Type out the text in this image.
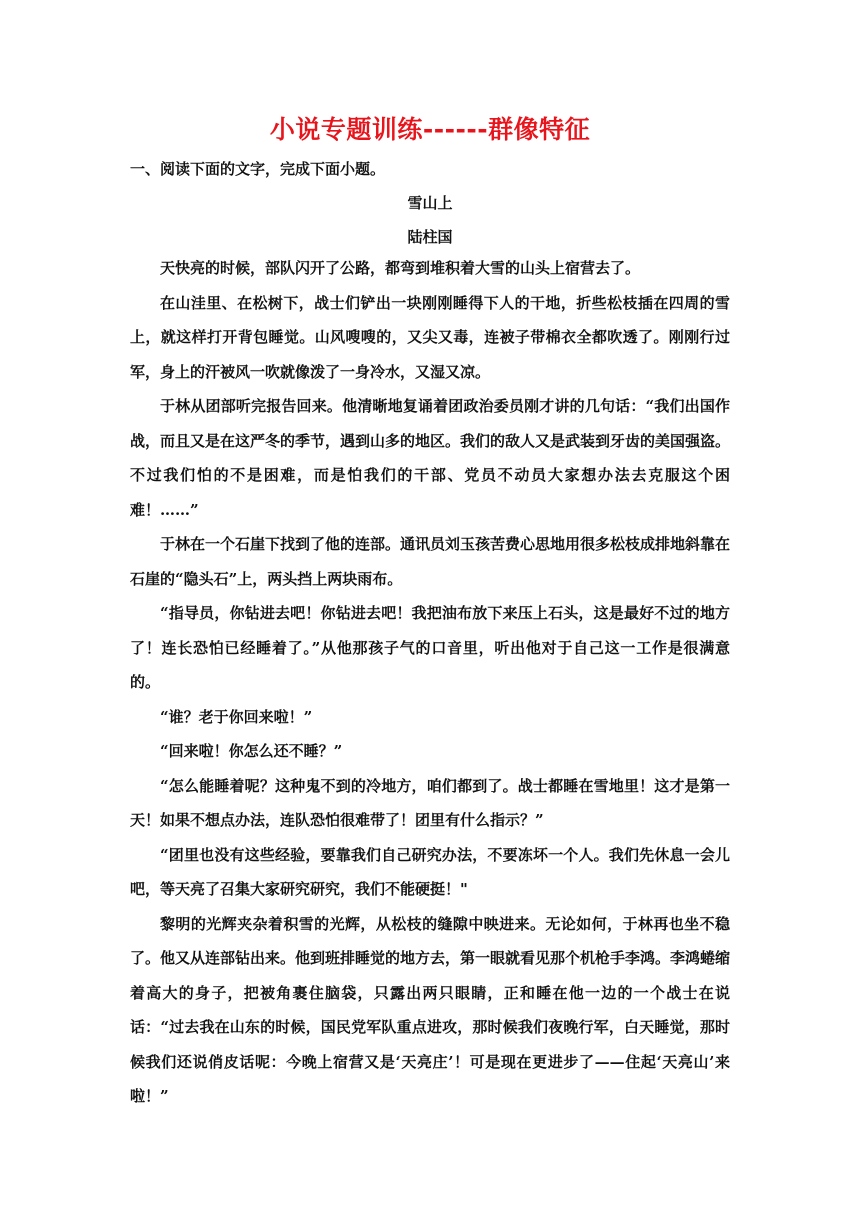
小说专题训练------群像特征
一、阅读下面的文字，完成下面小题。
雪山上
陆柱国

天快亮的时候，部队闪开了公路，都弯到堆积着大雪的山头上宿营去了。

在山洼里、在松树下，战士们铲出一块刚刚睡得下人的干地，折些松枝插在四周的雪上，就这样打开背包睡觉。山风嗖嗖的，又尖又毒，连被子带棉衣全都吹透了。刚刚行过军，身上的汗被风一吹就像泼了一身冷水，又湿又凉。

于林从团部听完报告回来。他清晰地复诵着团政治委员刚才讲的几句话：“我们出国作战，而且又是在这严冬的季节，遇到山多的地区。我们的敌人又是武装到牙齿的美国强盗。不过我们怕的不是困难，而是怕我们的干部、党员不动员大家想办法去克服这个困难！……”

于林在一个石崖下找到了他的连部。通讯员刘玉孩苦费心思地用很多松枝成排地斜靠在石崖的“隐头石”上，两头挡上两块雨布。

“指导员，你钻进去吧！你钻进去吧！我把油布放下来压上石头，这是最好不过的地方了！连长恐怕已经睡着了。”从他那孩子气的口音里，听出他对于自己这一工作是很满意的。

“谁？老于你回来啦！”

“回来啦！你怎么还不睡？”

“怎么能睡着呢？这种鬼不到的冷地方，咱们都到了。战士都睡在雪地里！这才是第一天！如果不想点办法，连队恐怕很难带了！团里有什么指示？”

“团里也没有这些经验，要靠我们自己研究办法，不要冻坏一个人。我们先休息一会儿吧，等天亮了召集大家研究研究，我们不能硬挺！"

黎明的光辉夹杂着积雪的光辉，从松枝的缝隙中映进来。无论如何，于林再也坐不稳了。他又从连部钻出来。他到班排睡觉的地方去，第一眼就看见那个机枪手李鸿。李鸿蜷缩着高大的身子，把被角裹住脑袋，只露出两只眼睛，正和睡在他一边的一个战士在说话：“过去我在山东的时候，国民党军队重点进攻，那时候我们夜晚行军，白天睡觉，那时候我们还说俏皮话呢：今晚上宿营又是‘天亮庄’！可是现在更进步了——住起‘天亮山’来啦！”
